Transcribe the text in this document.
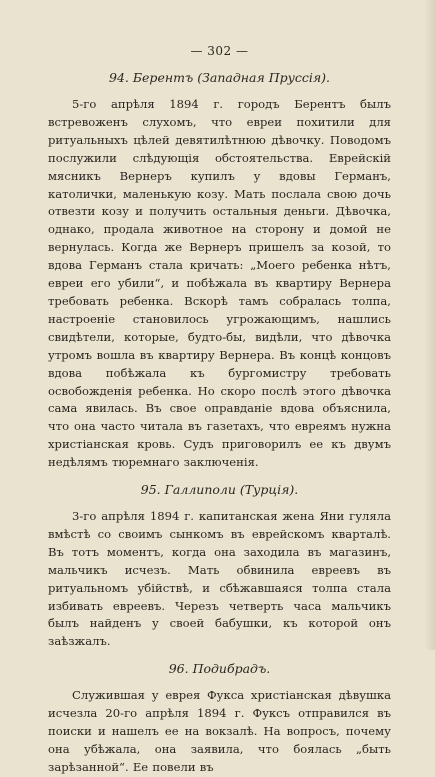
— 302 —
94. Берентъ (Западная Пруссія).

5-го апрѣля 1894 г. городъ Берентъ былъ встревоженъ слухомъ, что евреи похитили для ритуальныхъ цѣлей девятилѣтнюю дѣвочку. Поводомъ послужили слѣдующія обстоятельства. Еврейскій мясникъ Вернеръ купилъ у вдовы Германъ, католички, маленькую козу. Мать послала свою дочь отвезти козу и получить остальныя деньги. Дѣвочка, однако, продала животное на сторону и домой не вернулась. Когда же Вернеръ пришелъ за козой, то вдова Германъ стала кричать: „Моего ребенка нѣтъ, евреи его убили“, и побѣжала въ квартиру Вернера требовать ребенка. Вскорѣ тамъ собралась толпа, настроеніе становилось угрожающимъ, нашлись свидѣтели, которые, будто-бы, видѣли, что дѣвочка утромъ вошла въ квартиру Вернера. Въ концѣ концовъ вдова побѣжала къ бургомистру требовать освобожденія ребенка. Но скоро послѣ этого дѣвочка сама явилась. Въ свое оправданіе вдова объяснила, что она часто читала въ газетахъ, что евреямъ нужна христіанская кровь. Судъ приговорилъ ее къ двумъ недѣлямъ тюремнаго заключенія.

95. Галлиполи (Турція).

3-го апрѣля 1894 г. капитанская жена Яни гуляла вмѣстѣ со своимъ сынкомъ въ еврейскомъ кварталѣ. Въ тотъ моментъ, когда она заходила въ магазинъ, мальчикъ исчезъ. Мать обвинила евреевъ въ ритуальномъ убійствѣ, и сбѣжавшаяся толпа стала избивать евреевъ. Черезъ четверть часа мальчикъ былъ найденъ у своей бабушки, къ которой онъ заѣзжалъ.

96. Подибрадъ.

Служившая у еврея Фукса христіанская дѣвушка исчезла 20-го апрѣля 1894 г. Фуксъ отправился въ поиски и нашелъ ее на вокзалѣ. На вопросъ, почему она убѣжала, она заявила, что боялась „быть зарѣзанной“. Ее повели въ
